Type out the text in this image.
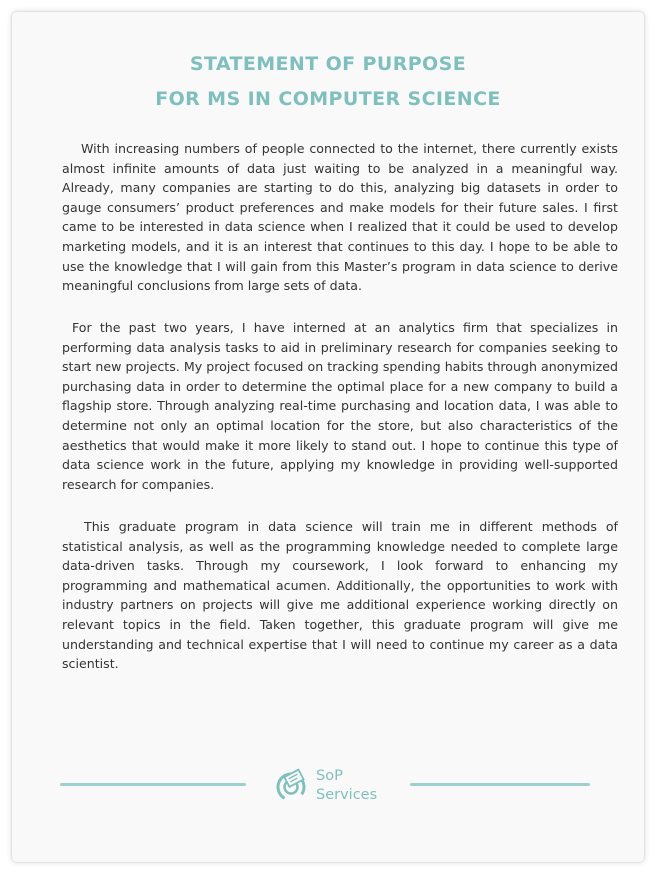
STATEMENT OF PURPOSE
FOR MS IN COMPUTER SCIENCE

With increasing numbers of people connected to the internet, there currently exists almost infinite amounts of data just waiting to be analyzed in a meaningful way. Already, many companies are starting to do this, analyzing big datasets in order to gauge consumers’ product preferences and make models for their future sales. I first came to be interested in data science when I realized that it could be used to develop marketing models, and it is an interest that continues to this day. I hope to be able to use the knowledge that I will gain from this Master’s program in data science to derive meaningful conclusions from large sets of data.

For the past two years, I have interned at an analytics firm that specializes in performing data analysis tasks to aid in preliminary research for companies seeking to start new projects. My project focused on tracking spending habits through anonymized purchasing data in order to determine the optimal place for a new company to build a flagship store. Through analyzing real-time purchasing and location data, I was able to determine not only an optimal location for the store, but also characteristics of the aesthetics that would make it more likely to stand out. I hope to continue this type of data science work in the future, applying my knowledge in providing well-supported research for companies.

This graduate program in data science will train me in different methods of statistical analysis, as well as the programming knowledge needed to complete large data-driven tasks. Through my coursework, I look forward to enhancing my programming and mathematical acumen. Additionally, the opportunities to work with industry partners on projects will give me additional experience working directly on relevant topics in the field. Taken together, this graduate program will give me understanding and technical expertise that I will need to continue my career as a data scientist.

SoP
Services
